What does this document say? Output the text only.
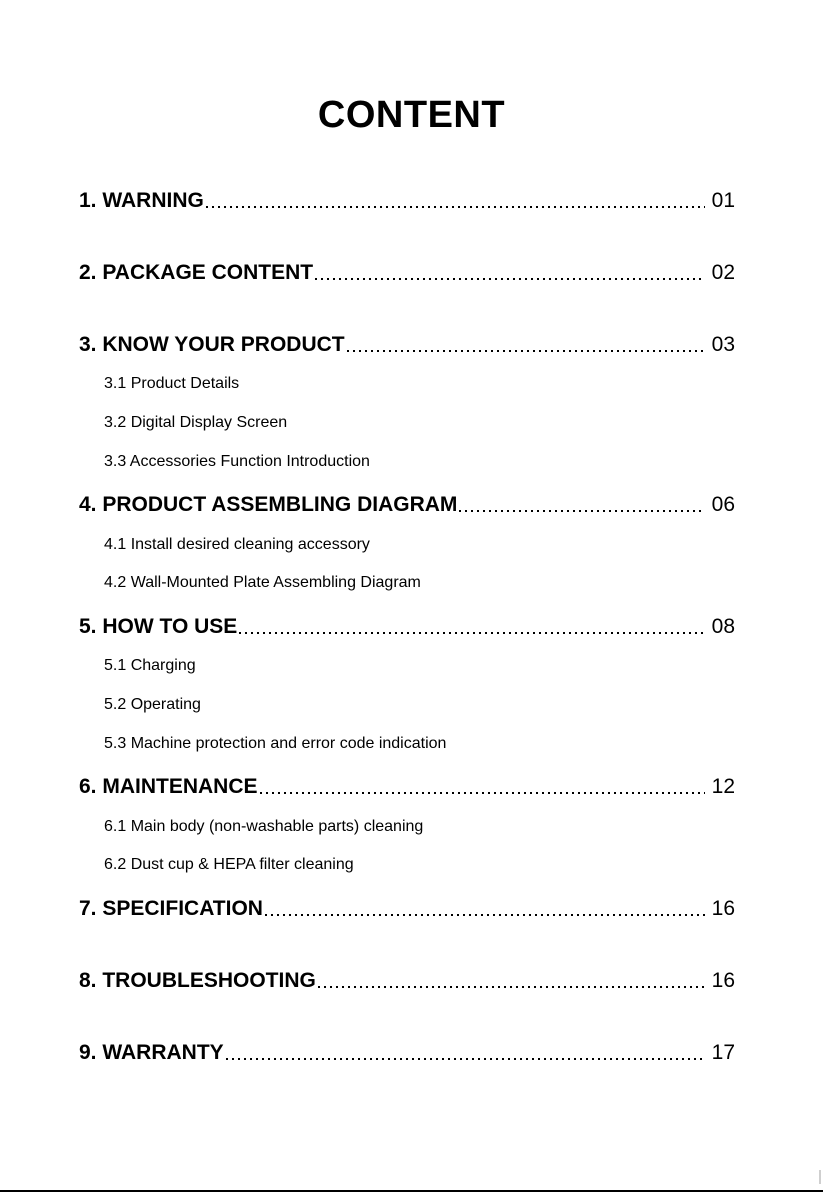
CONTENT
1. WARNING	01
2. PACKAGE CONTENT	02
3. KNOW YOUR PRODUCT	03
3.1 Product Details
3.2 Digital Display Screen
3.3 Accessories Function Introduction
4. PRODUCT ASSEMBLING DIAGRAM	06
4.1 Install desired cleaning accessory
4.2 Wall-Mounted Plate Assembling Diagram
5. HOW TO USE	08
5.1 Charging
5.2 Operating
5.3 Machine protection and error code indication
6. MAINTENANCE	12
6.1 Main body (non-washable parts) cleaning
6.2 Dust cup & HEPA filter cleaning
7. SPECIFICATION	16
8. TROUBLESHOOTING	16
9. WARRANTY	17
